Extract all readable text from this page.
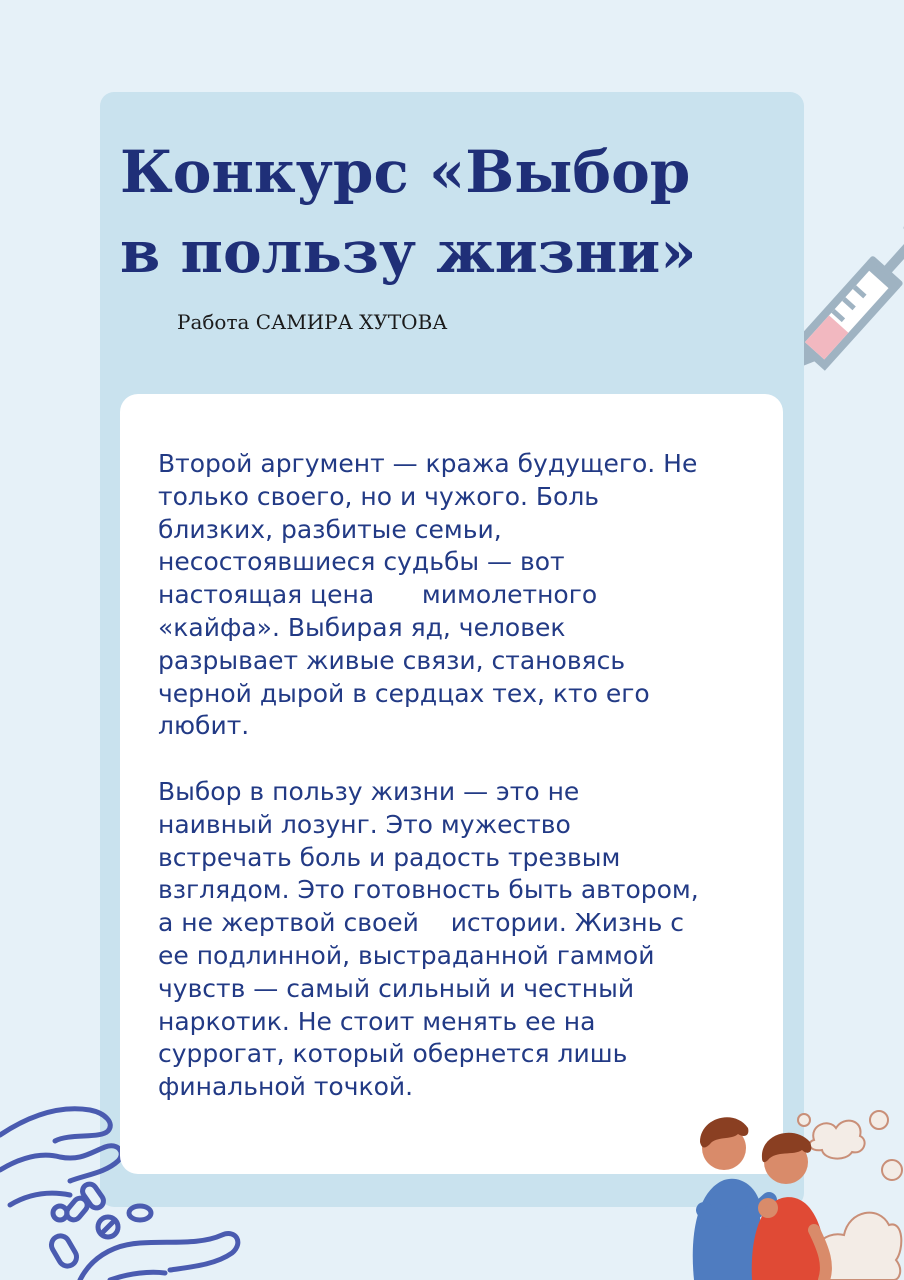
Конкурс «Выбор
в пользу жизни»

Работа САМИРА ХУТОВА

Второй аргумент — кража будущего. Не
только своего, но и чужого. Боль
близких, разбитые семьи,
несостоявшиеся судьбы — вот
настоящая цена      мимолетного
«кайфа». Выбирая яд, человек
разрывает живые связи, становясь
черной дырой в сердцах тех, кто его
любит.

Выбор в пользу жизни — это не
наивный лозунг. Это мужество
встречать боль и радость трезвым
взглядом. Это готовность быть автором,
а не жертвой своей    истории. Жизнь с
ее подлинной, выстраданной гаммой
чувств — самый сильный и честный
наркотик. Не стоит менять ее на
суррогат, который обернется лишь
финальной точкой.
